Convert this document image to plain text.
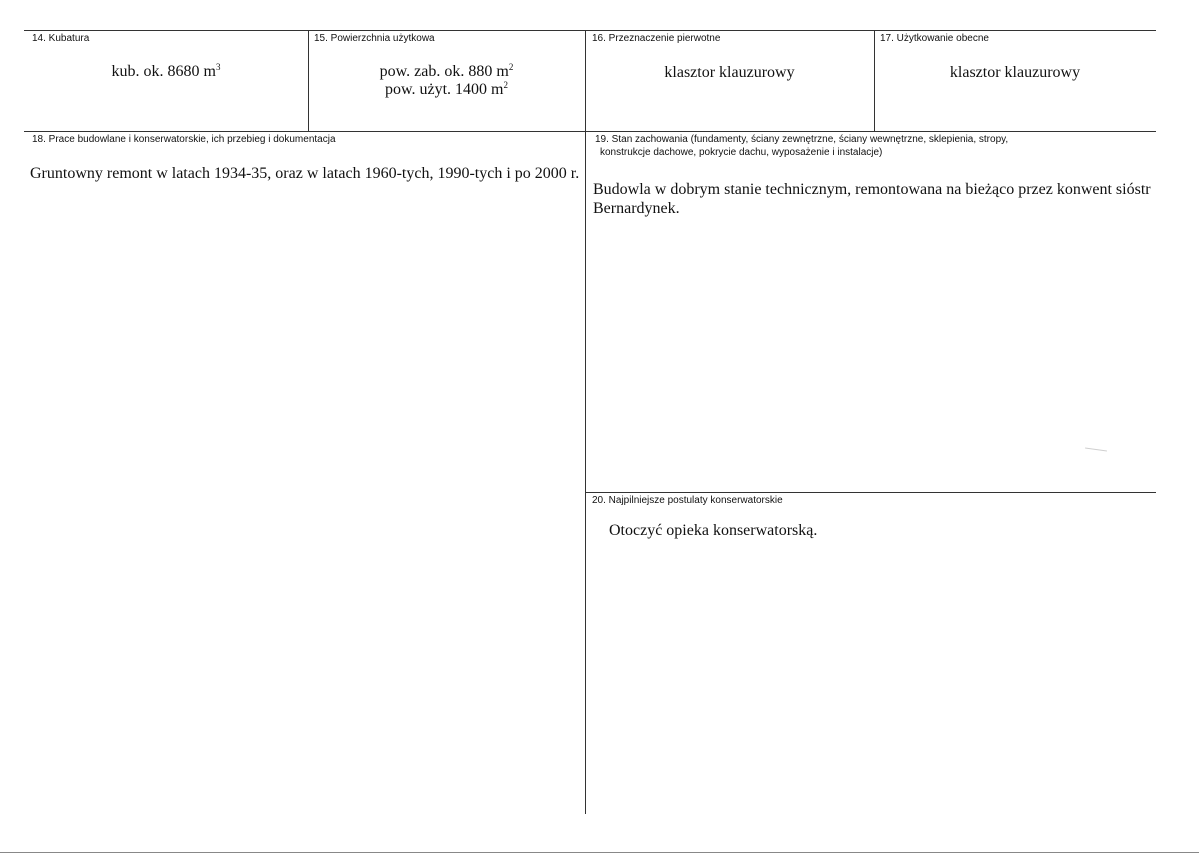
14. Kubatura
kub. ok. 8680 $m^3$
15. Powierzchnia użytkowa
pow. zab. ok. 880 $m^2$
pow. użyt. 1400 $m^2$
16. Przeznaczenie pierwotne
klasztor klauzurowy
17. Użytkowanie obecne
klasztor klauzurowy
18. Prace budowlane i konserwatorskie, ich przebieg i dokumentacja
Gruntowny remont w latach 1934-35, oraz w latach 1960-tych, 1990-tych i po 2000 r.
19. Stan zachowania (fundamenty, ściany zewnętrzne, ściany wewnętrzne, sklepienia, stropy,
konstrukcje dachowe, pokrycie dachu, wyposażenie i instalacje)
Budowla w dobrym stanie technicznym, remontowana na bieżąco przez konwent sióstr
Bernardynek.
20. Najpilniejsze postulaty konserwatorskie
Otoczyć opieka konserwatorską.
